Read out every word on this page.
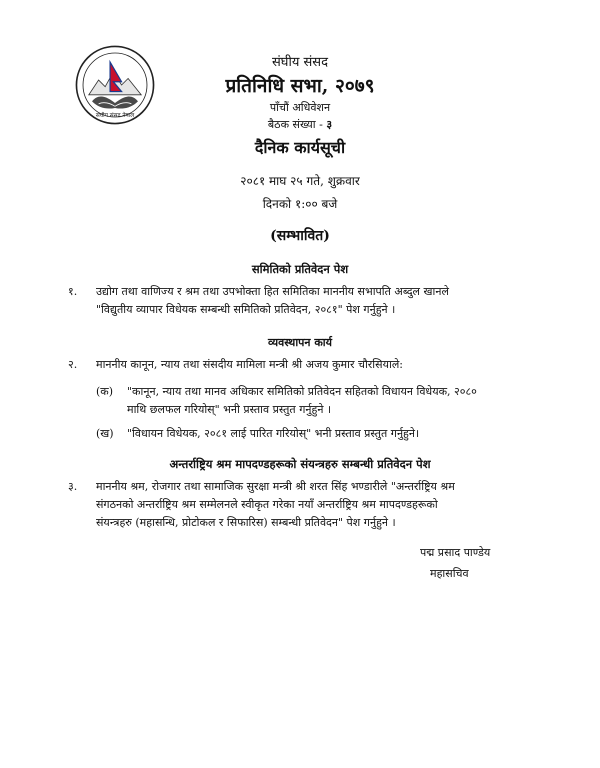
संघीय संसद नेपाल
संघीय संसद
प्रतिनिधि सभा, २०७९
पाँचौं अधिवेशन
बैठक संख्या - ३
दैनिक कार्यसूची
२०८१ माघ २५ गते, शुक्रवार
दिनको १:०० बजे
(सम्भावित)
समितिको प्रतिवेदन पेश
१. उद्योग तथा वाणिज्य र श्रम तथा उपभोक्ता हित समितिका माननीय सभापति अब्दुल खानले
"विद्युतीय व्यापार विधेयक सम्बन्धी समितिको प्रतिवेदन, २०८१" पेश गर्नुहुने ।
व्यवस्थापन कार्य
२. माननीय कानून, न्याय तथा संसदीय मामिला मन्त्री श्री अजय कुमार चौरसियाले:
(क) "कानून, न्याय तथा मानव अधिकार समितिको प्रतिवेदन सहितको विधायन विधेयक, २०८०
माथि छलफल गरियोस्" भनी प्रस्ताव प्रस्तुत गर्नुहुने ।
(ख) "विधायन विधेयक, २०८१ लाई पारित गरियोस्" भनी प्रस्ताव प्रस्तुत गर्नुहुने।
अन्तर्राष्ट्रिय श्रम मापदण्डहरूको संयन्त्रहरु सम्बन्धी प्रतिवेदन पेश
३. माननीय श्रम, रोजगार तथा सामाजिक सुरक्षा मन्त्री श्री शरत सिंह भण्डारीले "अन्तर्राष्ट्रिय श्रम
संगठनको अन्तर्राष्ट्रिय श्रम सम्मेलनले स्वीकृत गरेका नयाँ अन्तर्राष्ट्रिय श्रम मापदण्डहरूको
संयन्त्रहरु (महासन्धि, प्रोटोकल र सिफारिस) सम्बन्धी प्रतिवेदन" पेश गर्नुहुने ।
पद्म प्रसाद पाण्डेय
महासचिव
